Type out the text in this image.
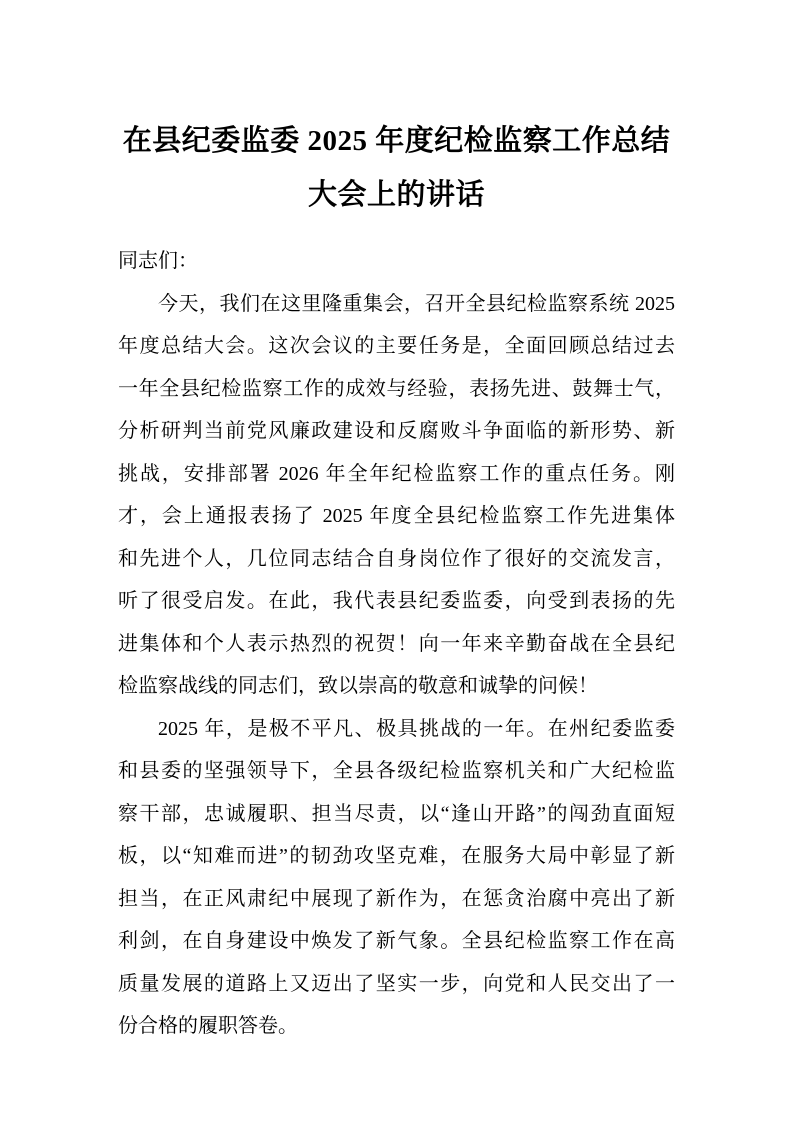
在县纪委监委 2025 年度纪检监察工作总结
大会上的讲话
同志们：
今天，我们在这里隆重集会，召开全县纪检监察系统 2025
年度总结大会。这次会议的主要任务是，全面回顾总结过去
一年全县纪检监察工作的成效与经验，表扬先进、鼓舞士气，
分析研判当前党风廉政建设和反腐败斗争面临的新形势、新
挑战，安排部署 2026 年全年纪检监察工作的重点任务。刚
才，会上通报表扬了 2025 年度全县纪检监察工作先进集体
和先进个人，几位同志结合自身岗位作了很好的交流发言，
听了很受启发。在此，我代表县纪委监委，向受到表扬的先
进集体和个人表示热烈的祝贺！向一年来辛勤奋战在全县纪
检监察战线的同志们，致以崇高的敬意和诚挚的问候！
2025 年，是极不平凡、极具挑战的一年。在州纪委监委
和县委的坚强领导下，全县各级纪检监察机关和广大纪检监
察干部，忠诚履职、担当尽责，以“逢山开路”的闯劲直面短
板，以“知难而进”的韧劲攻坚克难，在服务大局中彰显了新
担当，在正风肃纪中展现了新作为，在惩贪治腐中亮出了新
利剑，在自身建设中焕发了新气象。全县纪检监察工作在高
质量发展的道路上又迈出了坚实一步，向党和人民交出了一
份合格的履职答卷。
